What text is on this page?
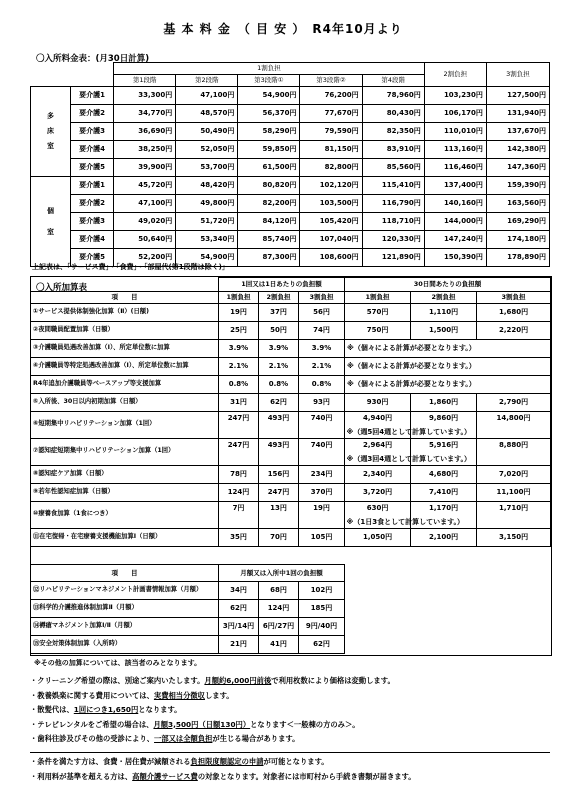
基 本 料 金　（ 目 安 ）　R4年10月より
〇入所料金表：(月30日計算)
		1割負担					2割負担	3割負担
		第1段階	第2段階	第3段階①	第3段階②	第4段階		

多
床
室	要介護1	33,300円	47,100円	54,900円	76,200円	78,960円	103,230円	127,500円
	要介護2	34,770円	48,570円	56,370円	77,670円	80,430円	106,170円	131,940円
	要介護3	36,690円	50,490円	58,290円	79,590円	82,350円	110,010円	137,670円
	要介護4	38,250円	52,050円	59,850円	81,150円	83,910円	113,160円	142,380円
	要介護5	39,900円	53,700円	61,500円	82,800円	85,560円	116,460円	147,360円

個
室	要介護1	45,720円	48,420円	80,820円	102,120円	115,410円	137,400円	159,390円
	要介護2	47,100円	49,800円	82,200円	103,500円	116,790円	140,160円	163,560円
	要介護3	49,020円	51,720円	84,120円	105,420円	118,710円	144,000円	169,290円
	要介護4	50,640円	53,340円	85,740円	107,040円	120,330円	147,240円	174,180円
	要介護5	52,200円	54,900円	87,300円	108,600円	121,890円	150,390円	178,890円
上記表は、「サービス費」・「食費」・「部屋代(第1段階は除く)」
〇入所加算表
		1回又は1日あたりの負担額			30日間あたりの負担額		
項　　目	1割負担	2割負担	3割負担	1割負担	2割負担	3割負担
①サービス提供体制強化加算（Ⅱ）(日額)	19円	37円	56円	570円	1,110円	1,680円
②夜間職員配置加算（日額）	25円	50円	74円	750円	1,500円	2,220円
③介護職員処遇改善加算（Ⅰ）、所定単位数に加算	3.9%	3.9%	3.9%	※（個々による計算が必要となります。）		
④介護職員等特定処遇改善加算（Ⅰ）、所定単位数に加算	2.1%	2.1%	2.1%	※（個々による計算が必要となります。）		
R4年追加介護職員等ベースアップ等支援加算	0.8%	0.8%	0.8%	※（個々による計算が必要となります。）		
⑤入所後、30日以内初期加算（日額）	31円	62円	93円	930円	1,860円	2,790円
⑥短期集中リハビリテーション加算（1回）	247円	493円	740円	4,940円	9,860円	14,800円
⑦認知症短期集中リハビリテーション加算（1回）	247円	493円	740円	2,964円	5,916円	8,880円
⑧認知症ケア加算（日額）	78円	156円	234円	2,340円	4,680円	7,020円
⑨若年性認知症加算（日額）	124円	247円	370円	3,720円	7,410円	11,100円
⑩療養食加算（1食につき）	7円	13円	19円	630円	1,170円	1,710円
⑪在宅復帰・在宅療養支援機能加算Ⅰ（日額）	35円	70円	105円	1,050円	2,100円	3,150円
項　　目	月額又は入所中1回の負担額			
⑫リハビリテーションマネジメント計画書情報加算（月額）	34円	68円	102円	
⑬科学的介護推進体制加算Ⅱ（月額）	62円	124円	185円	
⑭褥瘡マネジメント加算Ⅰ/Ⅱ（月額）	3円/14円	6円/27円	9円/40円	
⑮安全対策体制加算（入所時）	21円	41円	62円	
※その他の加算については、該当者のみとなります。
・クリーニング希望の際は、別途ご案内いたします。月額約6,000円前後で利用枚数により価格は変動します。
・教養娯楽に関する費用については、実費相当分徴収します。
・散髪代は、1回につき1,650円となります。
・テレビレンタルをご希望の場合は、月額3,500円（日額130円）となります＜一般棟の方のみ＞。
・歯科往診及びその他の受診により、一部又は全額負担が生じる場合があります。
・条件を満たす方は、食費・居住費が減額される負担限度額認定の申請が可能となります。
・利用料が基準を超える方は、高額介護サービス費の対象となります。対象者には市町村から手続き書類が届きます。
※（週5回4週として計算しています。）
※（週3回4週として計算しています。）
※（1日3食として計算しています。）
